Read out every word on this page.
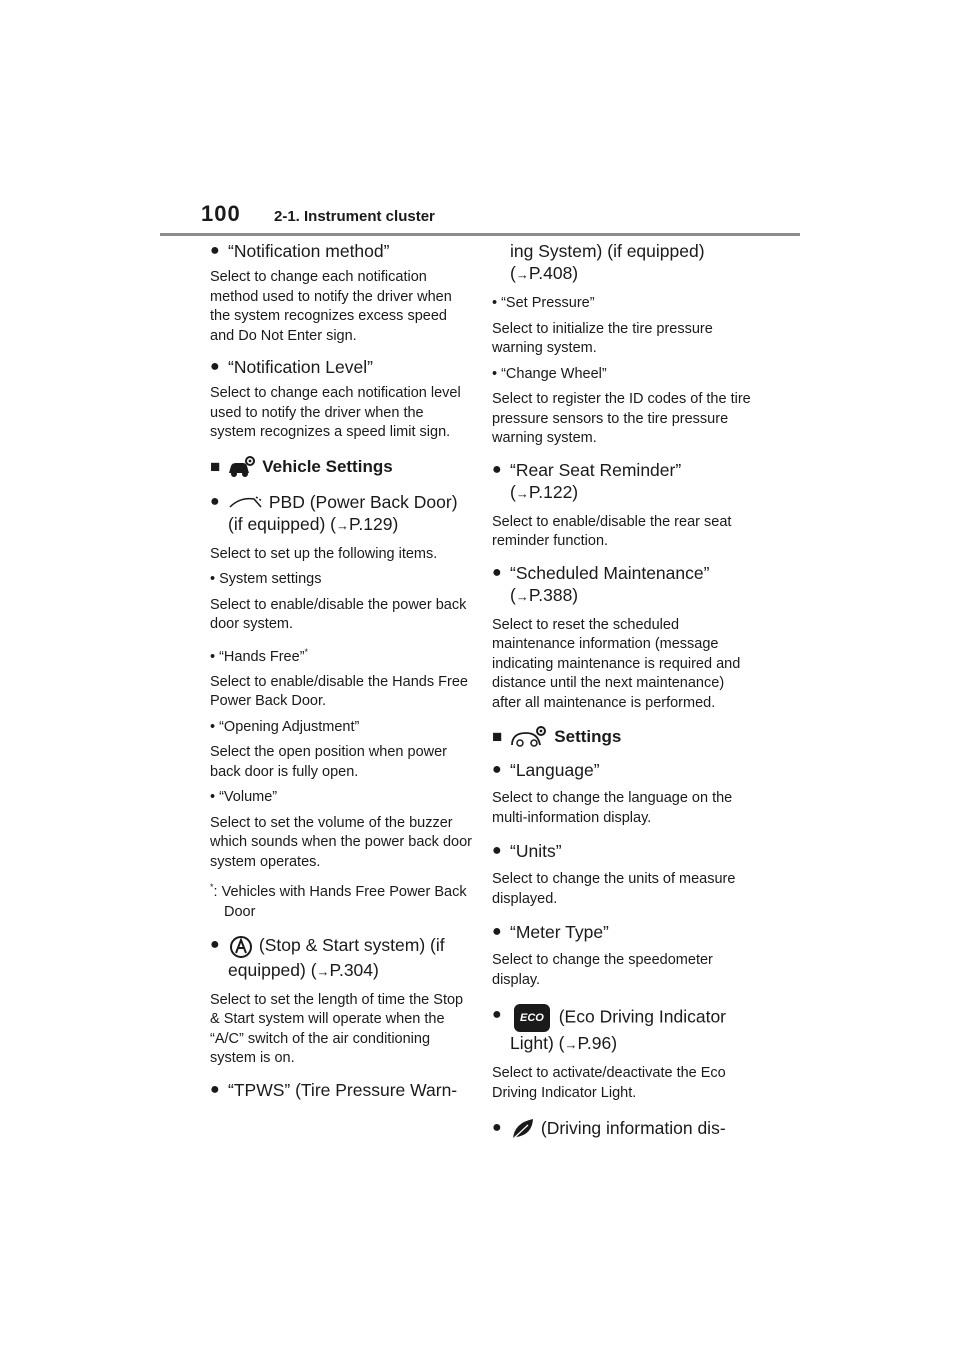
100 2-1. Instrument cluster

● “Notification method”

Select to change each notification method used to notify the driver when the system recognizes excess speed and Do Not Enter sign.

● “Notification Level”

Select to change each notification level used to notify the driver when the system recognizes a speed limit sign.

■ Vehicle Settings

●	PBD (Power Back Door)
(if equipped) (→P.129)

Select to set up the following items.

• System settings

Select to enable/disable the power back door system.

• “Hands Free”*

Select to enable/disable the Hands Free Power Back Door.

• “Opening Adjustment”

Select the open position when power back door is fully open.

• “Volume”

Select to set the volume of the buzzer which sounds when the power back door system operates.

*: Vehicles with Hands Free Power Back Door

● (Stop & Start system) (if
equipped) (→P.304)

Select to set the length of time the Stop & Start system will operate when the “A/C” switch of the air conditioning system is on.

● “TPWS” (Tire Pressure Warn-

ing System) (if equipped)
(→P.408)

• “Set Pressure”

Select to initialize the tire pressure warning system.

• “Change Wheel”

Select to register the ID codes of the tire pressure sensors to the tire pressure warning system.

● “Rear Seat Reminder”
(→P.122)

Select to enable/disable the rear seat reminder function.

● “Scheduled Maintenance”
(→P.388)

Select to reset the scheduled maintenance information (message indicating maintenance is required and distance until the next maintenance) after all maintenance is performed.

■	Settings

● “Language”

Select to change the language on the multi-information display.

● “Units”

Select to change the units of measure displayed.

● “Meter Type”

Select to change the speedometer display.

● ECO (Eco Driving Indicator
Light) (→P.96)

Select to activate/deactivate the Eco Driving Indicator Light.

● (Driving information dis-
